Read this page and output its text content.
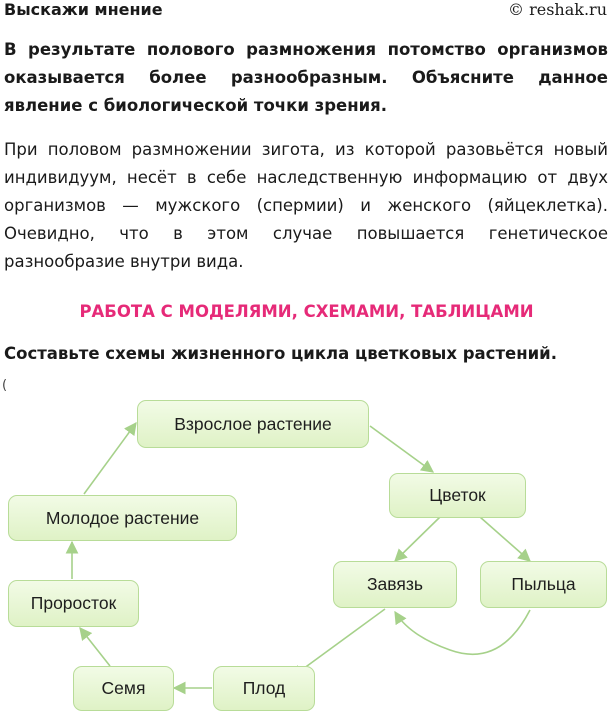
Выскажи мнение	© reshak.ru
В результате полового размножения потомство организмов оказывается более разнообразным. Объясните данное явление с биологической точки зрения.
При половом размножении зигота, из которой разовьётся новый индивидуум, несёт в себе наследственную информацию от двух организмов — мужского (спермии) и женского (яйцеклетка). Очевидно, что в этом случае повышается генетическое разнообразие внутри вида.
РАБОТА С МОДЕЛЯМИ, СХЕМАМИ, ТАБЛИЦАМИ
Составьте схемы жизненного цикла цветковых растений.
(
Взрослое растение
Цветок
Молодое растение
Завязь	Пыльца
Проросток
Семя	Плод
